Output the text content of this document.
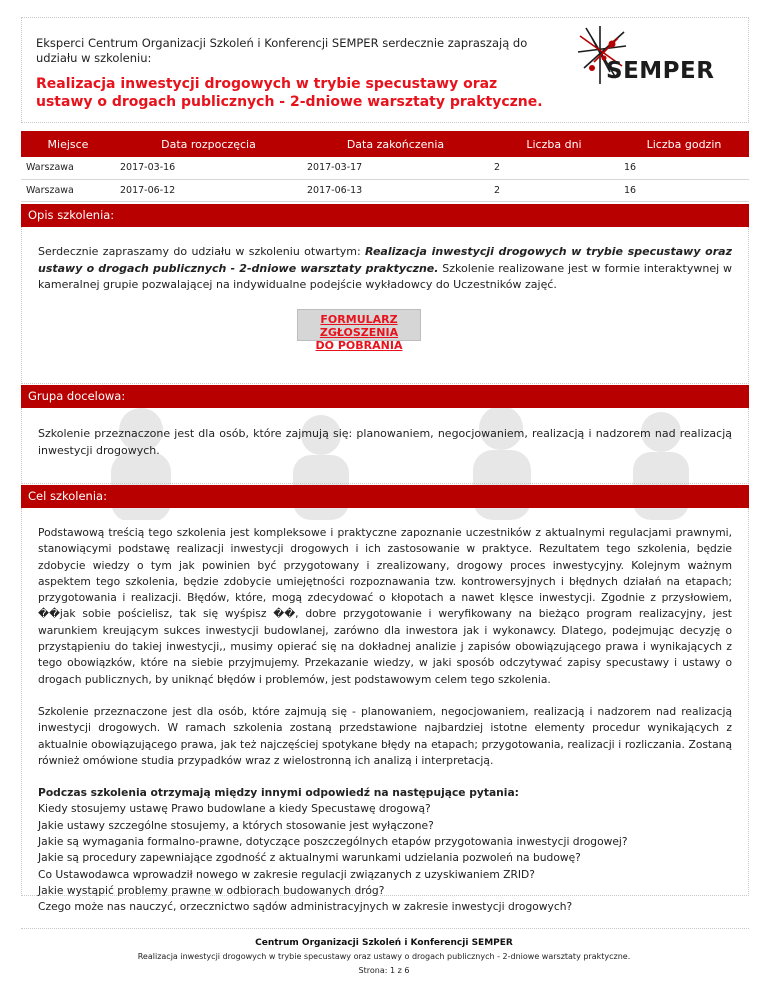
Eksperci Centrum Organizacji Szkoleń i Konferencji SEMPER serdecznie zapraszają do udziału w szkoleniu:
Realizacja inwestycji drogowych w trybie specustawy oraz ustawy o drogach publicznych - 2-dniowe warsztaty praktyczne.
SEMPER
Miejsce	Data rozpoczęcia	Data zakończenia	Liczba dni	Liczba godzin
Warszawa	2017-03-16	2017-03-17	2	16
Warszawa	2017-06-12	2017-06-13	2	16
Opis szkolenia:

Serdecznie zapraszamy do udziału w szkoleniu otwartym: Realizacja inwestycji drogowych w trybie specustawy oraz ustawy o drogach publicznych - 2-dniowe warsztaty praktyczne. Szkolenie realizowane jest w formie interaktywnej w kameralnej grupie pozwalającej na indywidualne podejście wykładowcy do Uczestników zajęć.

FORMULARZ ZGŁOSZENIA
DO POBRANIA
Grupa docelowa:

Szkolenie przeznaczone jest dla osób, które zajmują się: planowaniem, negocjowaniem, realizacją i nadzorem nad realizacją inwestycji drogowych.

Cel szkolenia:

Podstawową treścią tego szkolenia jest kompleksowe i praktyczne zapoznanie uczestników z aktualnymi regulacjami prawnymi, stanowiącymi podstawę realizacji inwestycji drogowych i ich zastosowanie w praktyce. Rezultatem tego szkolenia, będzie zdobycie wiedzy o tym jak powinien być przygotowany i zrealizowany, drogowy proces inwestycyjny. Kolejnym ważnym aspektem tego szkolenia, będzie zdobycie umiejętności rozpoznawania tzw. kontrowersyjnych i błędnych działań na etapach; przygotowania i realizacji. Błędów, które, mogą zdecydować o kłopotach a nawet klęsce inwestycji. Zgodnie z przysłowiem, ��jak sobie pościelisz, tak się wyśpisz ��, dobre przygotowanie i weryfikowany na bieżąco program realizacyjny, jest warunkiem kreującym sukces inwestycji budowlanej, zarówno dla inwestora jak i wykonawcy. Dlatego, podejmując decyzję o przystąpieniu do takiej inwestycji,, musimy opierać się na dokładnej analizie j zapisów obowiązującego prawa i wynikających z tego obowiązków, które na siebie przyjmujemy. Przekazanie wiedzy, w jaki sposób odczytywać zapisy specustawy i ustawy o drogach publicznych, by uniknąć błędów i problemów, jest podstawowym celem tego szkolenia.

Szkolenie przeznaczone jest dla osób, które zajmują się - planowaniem, negocjowaniem, realizacją i nadzorem nad realizacją inwestycji drogowych. W ramach szkolenia zostaną przedstawione najbardziej istotne elementy procedur wynikających z aktualnie obowiązującego prawa, jak też najczęściej spotykane błędy na etapach; przygotowania, realizacji i rozliczania. Zostaną również omówione studia przypadków wraz z wielostronną ich analizą i interpretacją.

Podczas szkolenia otrzymają między innymi odpowiedź na następujące pytania:

Kiedy stosujemy ustawę Prawo budowlane a kiedy Specustawę drogową?
Jakie ustawy szczególne stosujemy, a których stosowanie jest wyłączone?
Jakie są wymagania formalno-prawne, dotyczące poszczególnych etapów przygotowania inwestycji drogowej?
Jakie są procedury zapewniające zgodność z aktualnymi warunkami udzielania pozwoleń na budowę?
Co Ustawodawca wprowadził nowego w zakresie regulacji związanych z uzyskiwaniem ZRID?
Jakie wystąpić problemy prawne w odbiorach budowanych dróg?
Czego może nas nauczyć, orzecznictwo sądów administracyjnych w zakresie inwestycji drogowych?
Centrum Organizacji Szkoleń i Konferencji SEMPER
Realizacja inwestycji drogowych w trybie specustawy oraz ustawy o drogach publicznych - 2-dniowe warsztaty praktyczne.
Strona: 1 z 6
